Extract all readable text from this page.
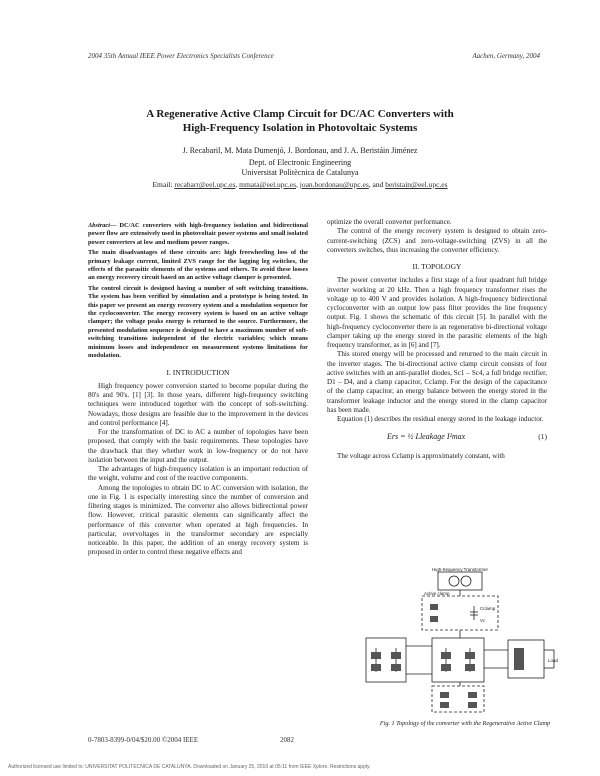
2004 35th Annual IEEE Power Electronics Specialists Conference	Aachen, Germany, 2004
A Regenerative Active Clamp Circuit for DC/AC Converters with
High-Frequency Isolation in Photovoltaic Systems
J. Recabaril, M. Mata Dumenjó, J. Bordonau, and J. A. Beristáin Jiménez
Dept. of Electronic Engineering
Universitat Politècnica de Catalunya
Email: recabarr@eel.upc.es, mmata@eel.upc.es, joan.bordonau@upc.es, and beristain@eel.upc.es

Abstract— DC/AC converters with high-frequency isolation and bidirectional power flow are extensively used in photovoltaic power systems and small isolated power converters at low and medium power ranges.

The main disadvantages of these circuits are: high freewheeling loss of the primary leakage current, limited ZVS range for the lagging leg switches, the effects of the parasitic elements of the systems and others. To avoid these losses an energy recovery circuit based on an active voltage clamper is presented.

The control circuit is designed having a number of soft switching transitions. The system has been verified by simulation and a prototype is being tested. In this paper we present an energy recovery system and a modulation sequence for the cycloconverter. The energy recovery system is based on an active voltage clamper; the voltage peaks energy is returned to the source. Furthermore, the presented modulation sequence is designed to have a maximum number of soft-switching transitions independent of the electric variables; which means minimum losses and independence on measurement systems limitations for modulation.

I. INTRODUCTION

High frequency power conversion started to become popular during the 80's and 90's. [1] [3]. In those years, different high-frequency switching techniques were introduced together with the concept of soft-switching. Nowadays, those designs are feasible due to the improvement in the devices and control performance [4].

For the transformation of DC to AC a number of topologies have been proposed, that comply with the basic requirements. These topologies have the drawback that they whether work in low-frequency or do not have isolation between the input and the output.

The advantages of high-frequency isolation is an important reduction of the weight, volume and cost of the reactive components.

Among the topologies to obtain DC to AC conversion with isolation, the one in Fig. 1 is especially interesting since the number of conversion and filtering stages is minimized. The converter also allows bidirectional power flow. However, critical parasitic elements can significantly affect the performance of this converter when operated at high frequencies. In particular, overvoltages in the transformer secondary are especially noticeable. In this paper, the addition of an energy recovery system is proposed in order to control these negative effects and

optimize the overall converter performance.

The control of the energy recovery system is designed to obtain zero-current-switching (ZCS) and zero-voltage-switching (ZVS) in all the converters switches, thus increasing the converter efficiency.

II. TOPOLOGY

The power converter includes a first stage of a four quadrant full bridge inverter working at 20 kHz. Then a high frequency transformer rises the voltage up to 400 V and provides isolation. A high-frequency bidirectional cycloconverter with an output low pass filter provides the line frequency output. Fig. 1 shows the schematic of this circuit [5]. In parallel with the high-frequency cycloconverter there is an regenerative bi-directional voltage clamper taking up the energy stored in the parasitic elements of the high frequency transformer, as in [6] and [7].

This stored energy will be processed and returned to the main circuit in the inverter stages. The bi-directional active clamp circuit consists of four active switches with an anti-parallel diodes, Sc1 – Sc4, a full bridge rectifier, D1 – D4, and a clamp capacitor, Cclamp. For the design of the capacitance of the clamp capacitor, an energy balance between the energy stored in the transformer leakage inductor and the energy stored in the clamp capacitor has been made.

Equation (1) describes the residual energy stored in the leakage inductor.

Ers = ½ Lleakage I²max	(1)

The voltage across Cclamp is approximately constant, with

High-frequency Transformer
Active clamp
Cclamp
Vc
Load
Fig. 1 Topology of the converter with the Regenerative Active Clamp
0-7803-8399-0/04/$20.00 ©2004 IEEE	2082
Authorized licensed use limited to: UNIVERSITAT POLITECNICA DE CATALUNYA. Downloaded on January 25, 2010 at 05:11 from IEEE Xplore. Restrictions apply.
